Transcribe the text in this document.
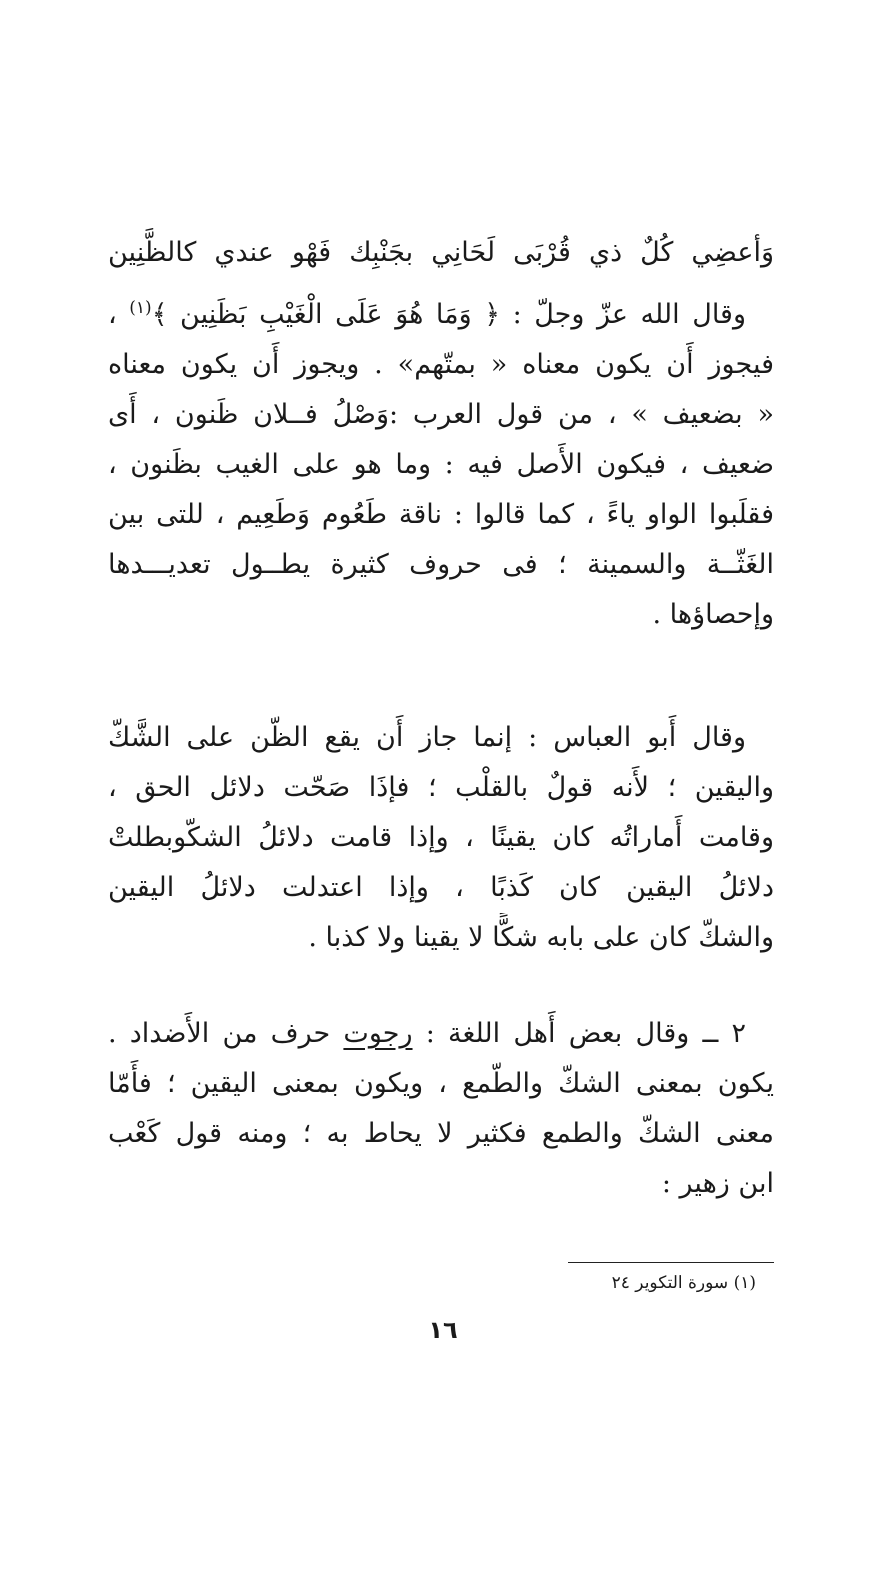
وَأعضِي كُلٌ ذي قُرْبَى لَحَانِي بجَنْبِك فَهْو عندي كالظَّنِين
وقال الله عزّ وجلّ : ﴿ وَمَا هُوَ عَلَى الْغَيْبِ بَظَنِين ﴾$^{(١)}$ ،
فيجوز أَن يكون معناه « بمتّهم» . ويجوز أَن يكون معناه
« بضعيف » ، من قول العرب :وَصْلُ فــلان ظَنون ، أَى
ضعيف ، فيكون الأَصل فيه : وما هو على الغيب بظَنون ،
فقلَبوا الواو ياءً ، كما قالوا : ناقة طَعُوم وَطَعِيم ، للتى بين
الغَثّــة والسمينة ؛ فى حروف كثيرة يطــول تعديـــدها
وإحصاؤها .
وقال أَبو العباس : إنما جاز أَن يقع الظّن على الشَّكّ
واليقين ؛ لأَنه قولٌ بالقلْب ؛ فإذَا صَحّت دلائل الحق ،
وقامت أَماراتُه كان يقينًا ، وإذا قامت دلائلُ الشكّوبطلتْ
دلائلُ اليقين كان كَذبًا ، وإذا اعتدلت دلائلُ اليقين
والشكّ كان على بابه شكًّا لا يقينا ولا كذبا .
٢ ــ وقال بعض أَهل اللغة : رجوت حرف من الأَضداد .
يكون بمعنى الشكّ والطّمع ، ويكون بمعنى اليقين ؛ فأَمّا
معنى الشكّ والطمع فكثير لا يحاط به ؛ ومنه قول كَعْب
ابن زهير :
(١) سورة التكوير ٢٤
١٦
